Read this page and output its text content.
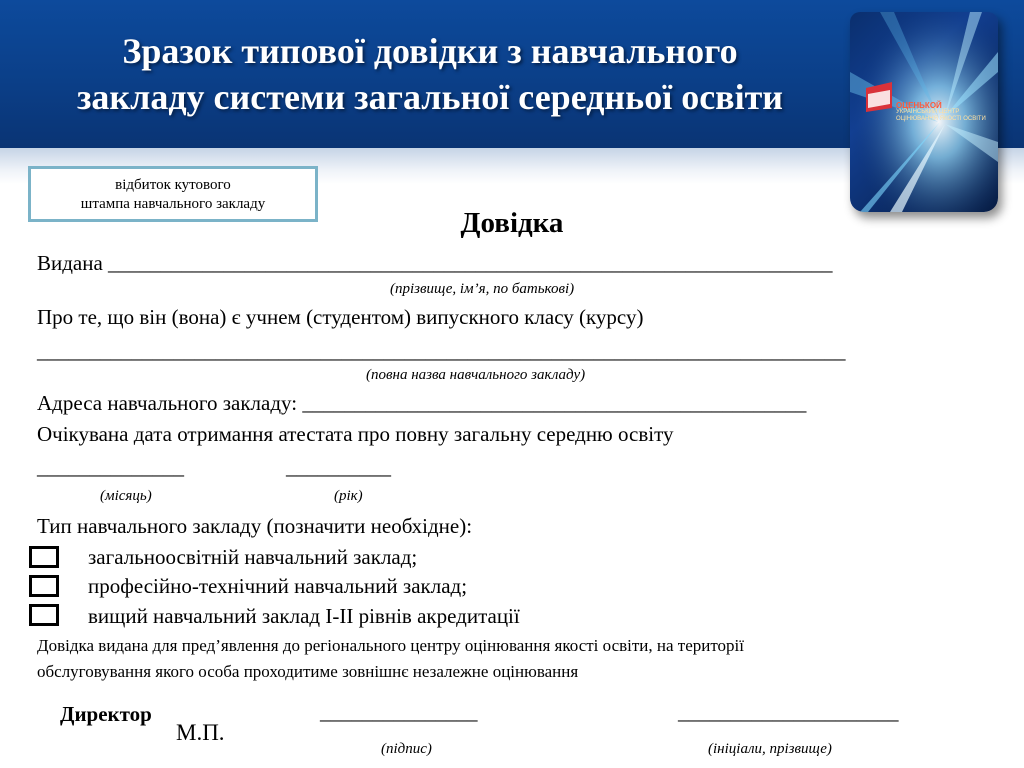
Зразок типової довідки з навчального
закладу системи загальної середньої освіти	ОЦЕНЬКОЙ
УКРАЇНСЬКИЙ ЦЕНТР ОЦІНЮВАННЯ ЯКОСТІ ОСВІТИ
відбиток кутового
штампа навчального закладу
Довідка
Видана _____________________________________________________________________
(прізвище, ім’я, по батькові)
Про те, що він (вона) є учнем (студентом) випускного класу (курсу)
_____________________________________________________________________________
(повна назва навчального закладу)
Адреса навчального закладу: ________________________________________________
Очікувана дата отримання атестата про повну загальну середню освіту
______________	__________
(місяць)	(рік)
Тип навчального закладу (позначити необхідне):
загальноосвітній навчальний заклад;
професійно-технічний навчальний заклад;
вищий навчальний заклад І-ІІ рівнів акредитації
Довідка видана для пред’явлення до регіонального центру оцінювання якості освіти, на території
обслуговування якого особа проходитиме зовнішнє незалежне оцінювання
Директор
М.П.
_______________	_____________________
(підпис)	(ініціали, прізвище)
